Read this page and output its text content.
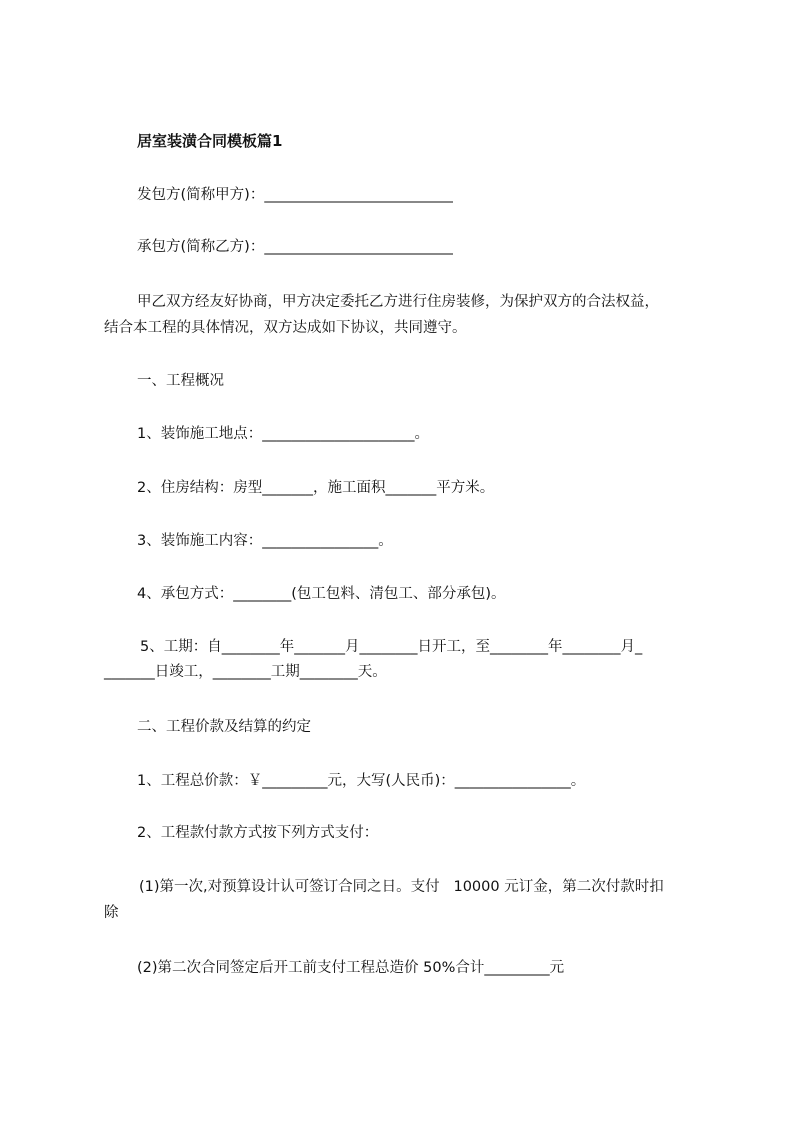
居室装潢合同模板篇1
发包方(简称甲方)：__________________________
承包方(简称乙方)：__________________________
甲乙双方经友好协商，甲方决定委托乙方进行住房装修，为保护双方的合法权益，
结合本工程的具体情况，双方达成如下协议，共同遵守。
一、工程概况
1、装饰施工地点：_____________________。
2、住房结构：房型_______，施工面积_______平方米。
3、装饰施工内容：________________。
4、承包方式：________(包工包料、清包工、部分承包)。
5、工期：自________年_______月________日开工，至________年________月_
_______日竣工，________工期________天。
二、工程价款及结算的约定
1、工程总价款：￥_________元，大写(人民币)：________________。
2、工程款付款方式按下列方式支付：
(1)第一次,对预算设计认可签订合同之日。支付   10000 元订金，第二次付款时扣
除
(2)第二次合同签定后开工前支付工程总造价 50%合计_________元
